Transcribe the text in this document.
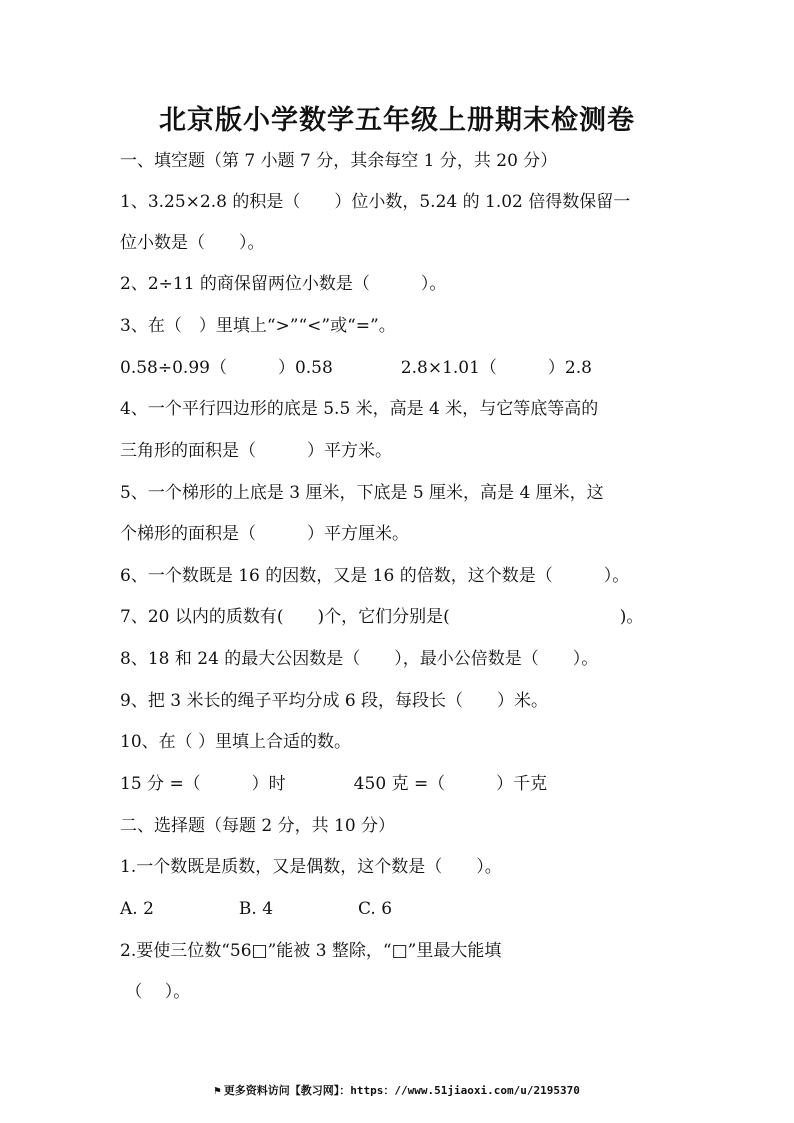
北京版小学数学五年级上册期末检测卷
一、填空题（第 7 小题 7 分，其余每空 1 分，共 20 分）
1、3.25×2.8 的积是（　　）位小数，5.24 的 1.02 倍得数保留一
位小数是（　　）。
2、2÷11 的商保留两位小数是（　　　）。
3、在（　）里填上“>”“<”或“=”。
0.58÷0.99（　　　）0.58　　　　2.8×1.01（　　　）2.8
4、一个平行四边形的底是 5.5 米，高是 4 米，与它等底等高的
三角形的面积是（　　　）平方米。
5、一个梯形的上底是 3 厘米，下底是 5 厘米，高是 4 厘米，这
个梯形的面积是（　　　）平方厘米。
6、一个数既是 16 的因数，又是 16 的倍数，这个数是（　　　）。
7、20 以内的质数有(　　)个，它们分别是(　　　　　　　　　　)。
8、18 和 24 的最大公因数是（　　），最小公倍数是（　　）。
9、把 3 米长的绳子平均分成 6 段，每段长（　　）米。
10、在（ ）里填上合适的数。
15 分 =（　　　）时　　　　450 克 =（　　　）千克
二、选择题（每题 2 分，共 10 分）
1.一个数既是质数，又是偶数，这个数是（　　）。
A. 2　　　　　B. 4　　　　　C. 6
2.要使三位数“56□”能被 3 整除，“□”里最大能填
（　 ）。
⚑ 更多资料访问【教习网】：https：//www.51jiaoxi.com/u/2195370
